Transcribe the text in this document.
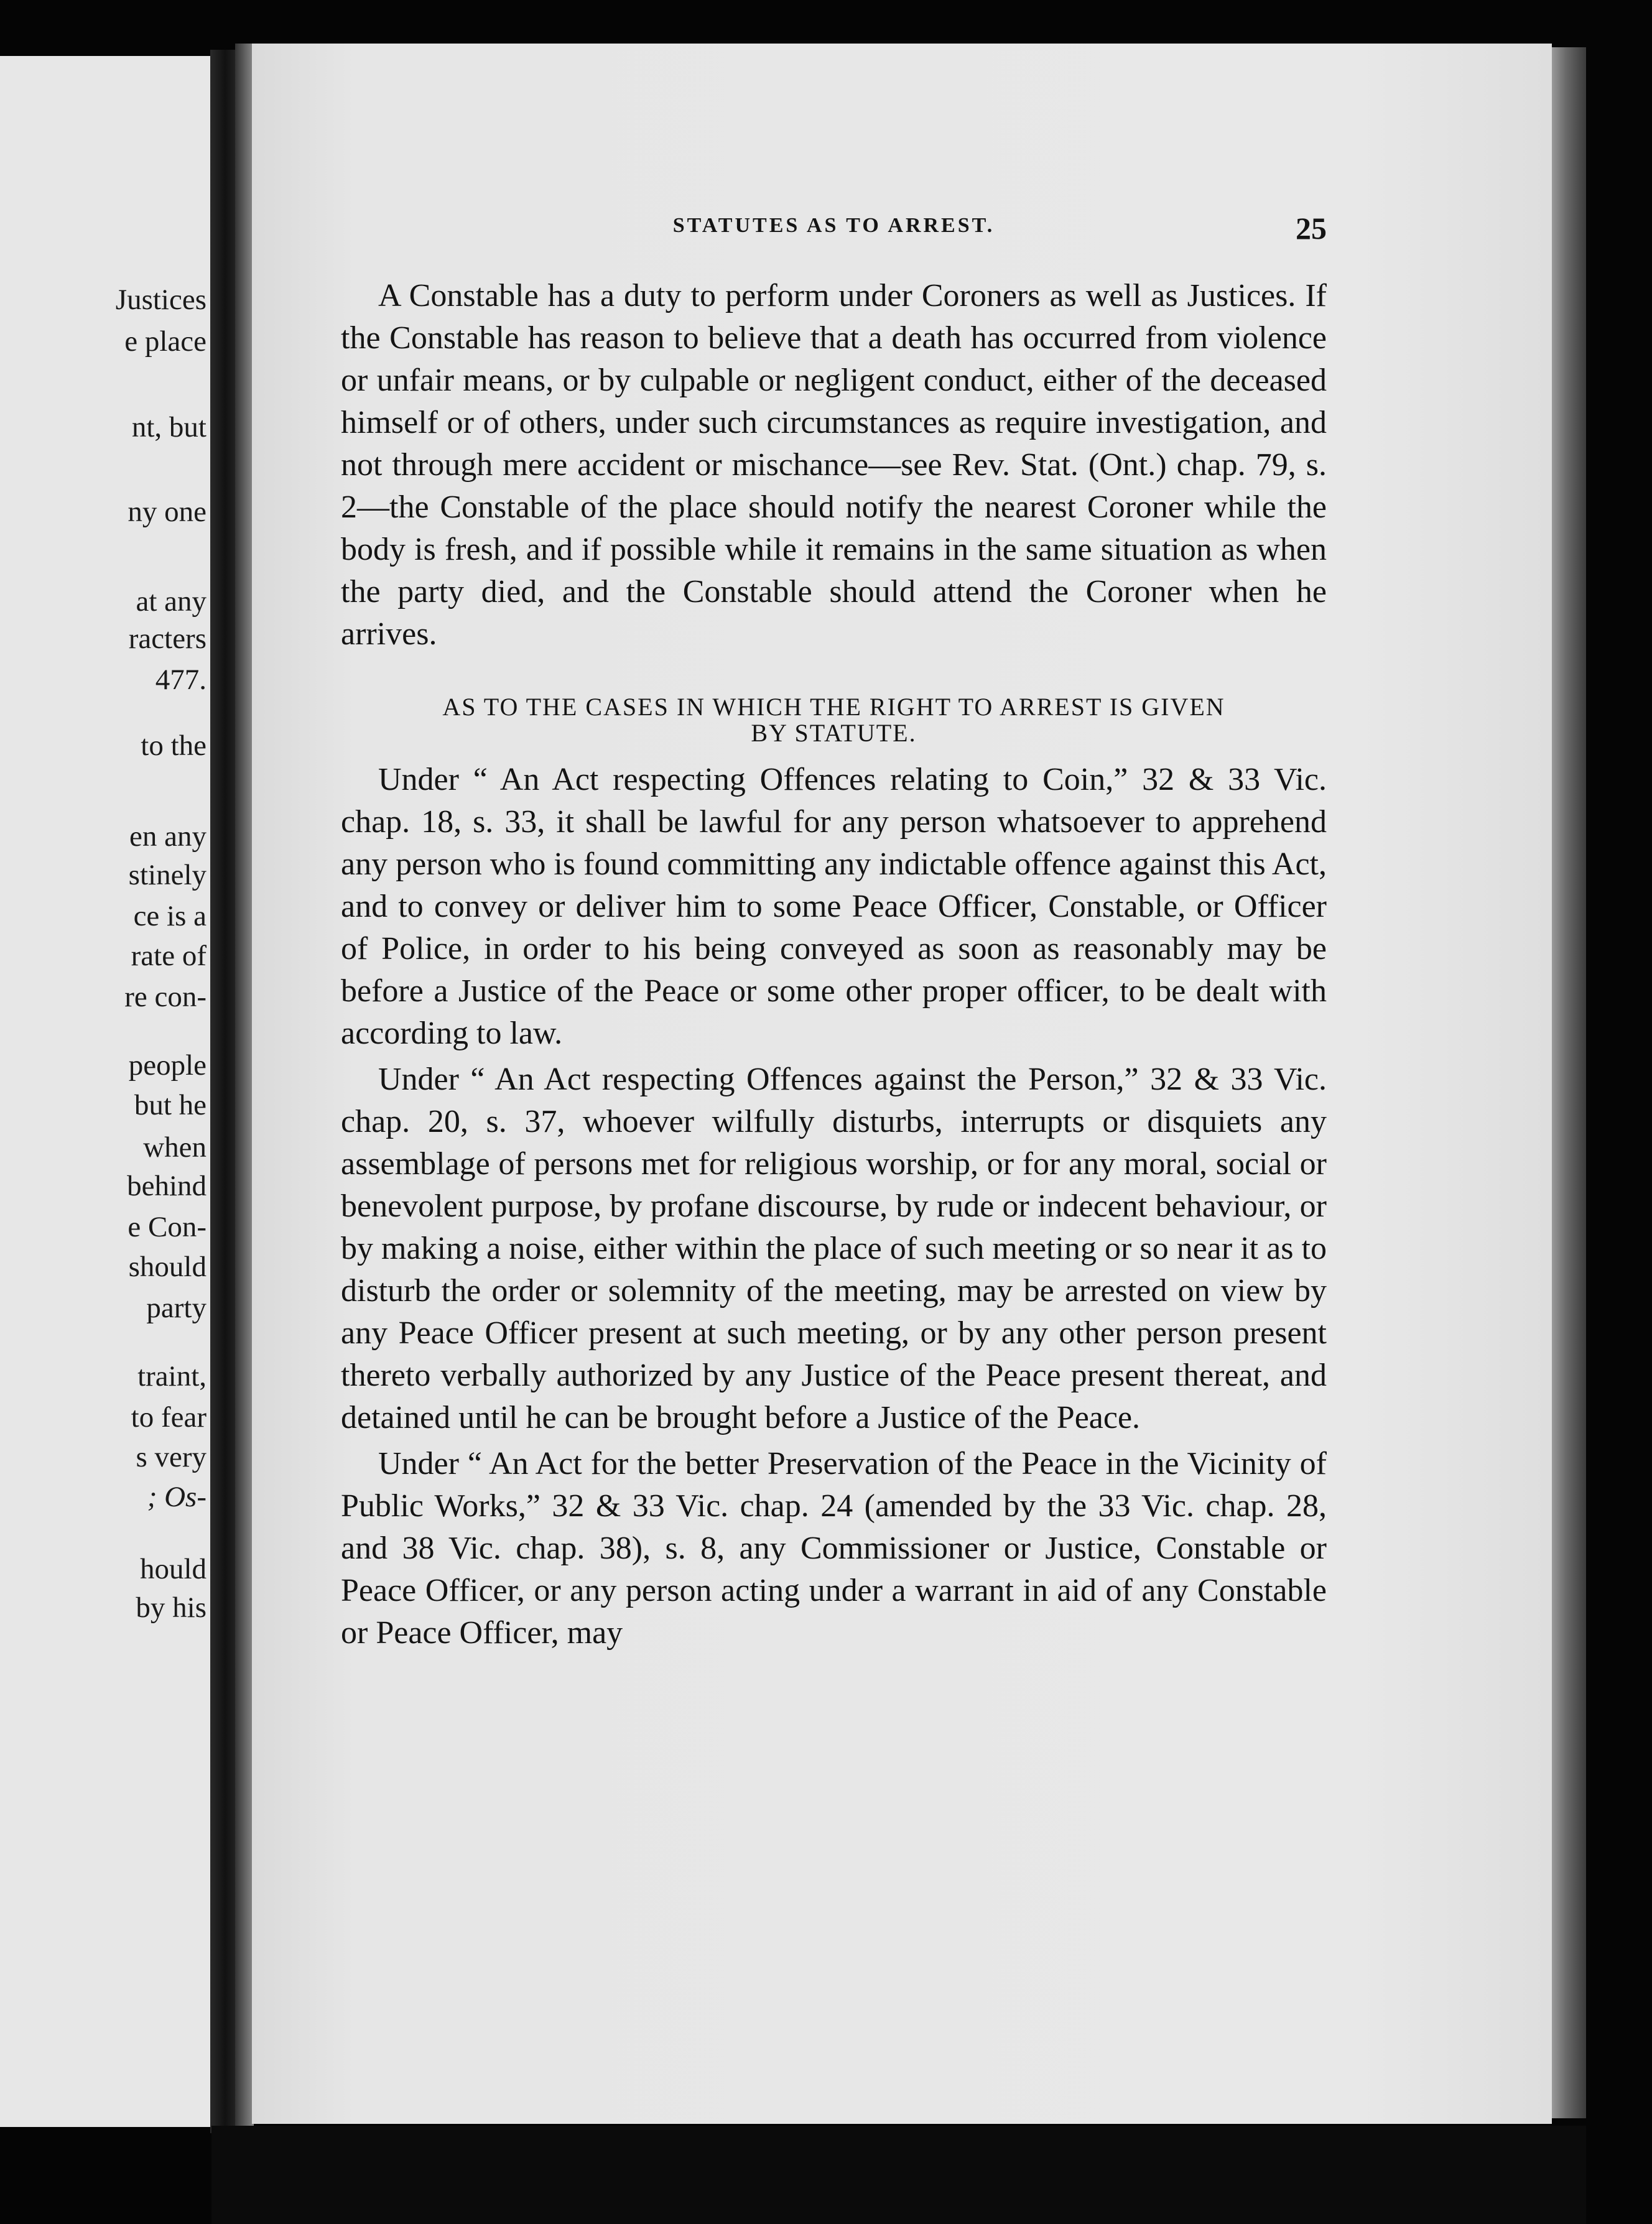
Justices
e place
nt, but
ny one
at any
racters
477.
to the
en any
stinely
ce is a
rate of
re con-
people
but he
when
behind
e Con-
should
party
traint,
to fear
s very
; Os-
hould
by his
STATUTES AS TO ARREST.	25

A Constable has a duty to perform under Coroners as well as Justices. If the Constable has reason to believe that a death has occurred from violence or unfair means, or by culpable or negligent conduct, either of the deceased himself or of others, under such circumstances as require investigation, and not through mere accident or mischance—see Rev. Stat. (Ont.) chap. 79, s. 2—the Constable of the place should notify the nearest Coroner while the body is fresh, and if possible while it remains in the same situation as when the party died, and the Constable should attend the Coroner when he arrives.

AS TO THE CASES IN WHICH THE RIGHT TO ARREST IS GIVEN
BY STATUTE.

Under “ An Act respecting Offences relating to Coin,” 32 & 33 Vic. chap. 18, s. 33, it shall be lawful for any person whatsoever to apprehend any person who is found committing any indictable offence against this Act, and to convey or deliver him to some Peace Officer, Constable, or Officer of Police, in order to his being conveyed as soon as reasonably may be before a Justice of the Peace or some other proper officer, to be dealt with according to law.

Under “ An Act respecting Offences against the Person,” 32 & 33 Vic. chap. 20, s. 37, whoever wilfully disturbs, interrupts or disquiets any assemblage of persons met for religious worship, or for any moral, social or benevolent purpose, by profane discourse, by rude or indecent behaviour, or by making a noise, either within the place of such meeting or so near it as to disturb the order or solemnity of the meeting, may be arrested on view by any Peace Officer present at such meeting, or by any other person present thereto verbally authorized by any Justice of the Peace present thereat, and detained until he can be brought before a Justice of the Peace.

Under “ An Act for the better Preservation of the Peace in the Vicinity of Public Works,” 32 & 33 Vic. chap. 24 (amended by the 33 Vic. chap. 28, and 38 Vic. chap. 38), s. 8, any Commissioner or Justice, Constable or Peace Officer, or any person acting under a warrant in aid of any Constable or Peace Officer, may
